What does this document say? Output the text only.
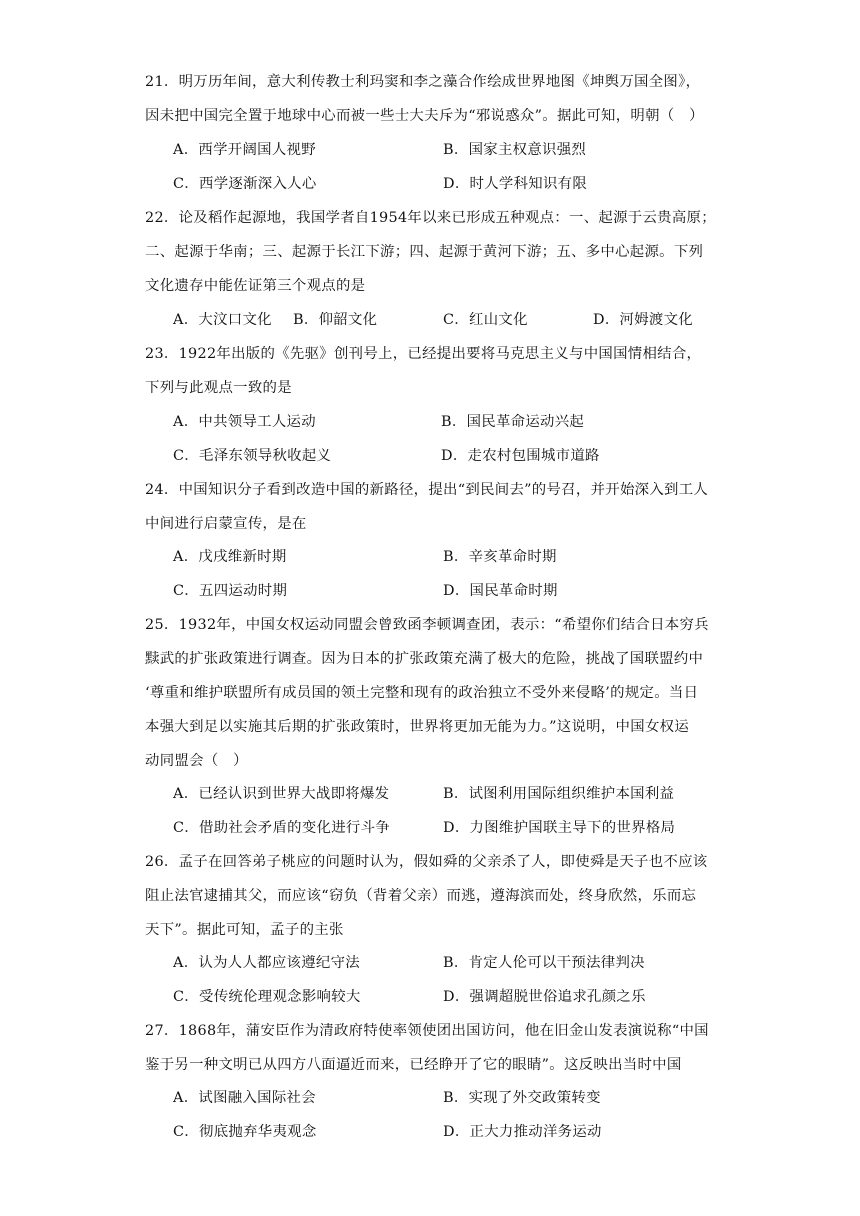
21．明万历年间，意大利传教士利玛窦和李之藻合作绘成世界地图《坤舆万国全图》，
因未把中国完全置于地球中心而被一些士大夫斥为“邪说惑众”。据此可知，明朝（　）
A．西学开阔国人视野	B．国家主权意识强烈
C．西学逐渐深入人心	D．时人学科知识有限
22．论及稻作起源地，我国学者自1954年以来已形成五种观点：一、起源于云贵高原；
二、起源于华南；三、起源于长江下游；四、起源于黄河下游；五、多中心起源。下列
文化遗存中能佐证第三个观点的是
A．大汶口文化 B．仰韶文化	C．红山文化	D．河姆渡文化
23．1922年出版的《先驱》创刊号上，已经提出要将马克思主义与中国国情相结合，
下列与此观点一致的是
A．中共领导工人运动	B．国民革命运动兴起
C．毛泽东领导秋收起义	D．走农村包围城市道路
24．中国知识分子看到改造中国的新路径，提出“到民间去”的号召，并开始深入到工人
中间进行启蒙宣传，是在
A．戊戌维新时期	B．辛亥革命时期
C．五四运动时期	D．国民革命时期
25．1932年，中国女权运动同盟会曾致函李顿调查团，表示：“希望你们结合日本穷兵
黩武的扩张政策进行调查。因为日本的扩张政策充满了极大的危险，挑战了国联盟约中
‘尊重和维护联盟所有成员国的领土完整和现有的政治独立不受外来侵略’的规定。当日
本强大到足以实施其后期的扩张政策时，世界将更加无能为力。”这说明，中国女权运
动同盟会（　）
A．已经认识到世界大战即将爆发	B．试图利用国际组织维护本国利益
C．借助社会矛盾的变化进行斗争	D．力图维护国联主导下的世界格局
26．孟子在回答弟子桃应的问题时认为，假如舜的父亲杀了人，即使舜是天子也不应该
阻止法官逮捕其父，而应该“窃负（背着父亲）而逃，遵海滨而处，终身欣然，乐而忘
天下”。据此可知，孟子的主张
A．认为人人都应该遵纪守法	B．肯定人伦可以干预法律判决
C．受传统伦理观念影响较大	D．强调超脱世俗追求孔颜之乐
27．1868年，蒲安臣作为清政府特使率领使团出国访问，他在旧金山发表演说称“中国
鉴于另一种文明已从四方八面逼近而来，已经睁开了它的眼睛”。这反映出当时中国
A．试图融入国际社会	B．实现了外交政策转变
C．彻底抛弃华夷观念	D．正大力推动洋务运动
